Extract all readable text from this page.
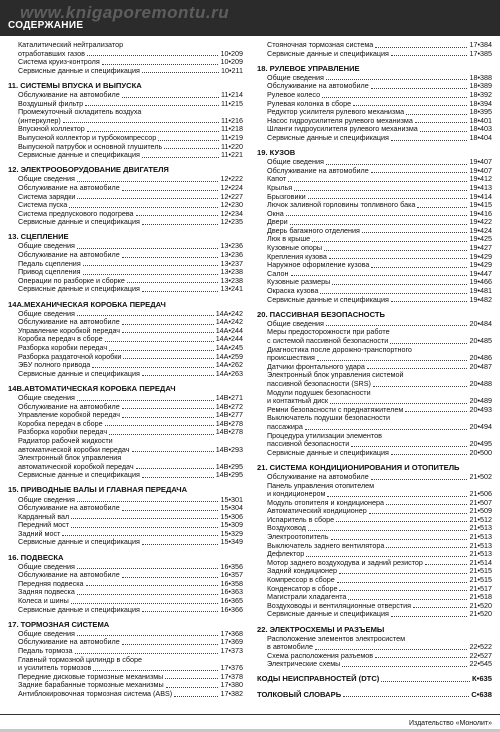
www.knigaporemontu.ru
СОДЕРЖАНИЕ
Каталитический нейтрализатор
отработавших газов	10•209
Система круиз-контроля	10•209
Сервисные данные и спецификация	10•211
11. СИСТЕМЫ ВПУСКА И ВЫПУСКА
Обслуживание на автомобиле	11•214
Воздушный фильтр	11•215
Промежуточный охладитель воздуха
(интеркулер)	11•216
Впускной коллектор	11•218
Выпускной коллектор и турбокомпрессор	11•219
Выпускной патрубок и основной глушитель	11•220
Сервисные данные и спецификация	11•221
12. ЭЛЕКТРООБОРУДОВАНИЕ ДВИГАТЕЛЯ
Общие сведения	12•222
Обслуживание на автомобиле	12•224
Система зарядки	12•227
Система пуска	12•230
Система предпускового подогрева	12•234
Сервисные данные и спецификация	12•235
13. СЦЕПЛЕНИЕ
Общие сведения	13•236
Обслуживание на автомобиле	13•236
Педаль сцепления	13•237
Привод сцепления	13•238
Операции по разборке и сборке	13•238
Сервисные данные и спецификация	13•241
14А.МЕХАНИЧЕСКАЯ КОРОБКА ПЕРЕДАЧ
Общие сведения	14А•242
Обслуживание на автомобиле	14А•242
Управление коробкой передач	14А•244
Коробка передач в сборе	14А•244
Разборка коробки передач	14А•245
Разборка раздаточной коробки	14А•259
ЭБУ полного привода	14А•262
Сервисные данные и спецификация	14А•263
14В.АВТОМАТИЧЕСКАЯ КОРОБКА ПЕРЕДАЧ
Общие сведения	14В•271
Обслуживание на автомобиле	14В•272
Управление коробкой передач	14В•277
Коробка передач в сборе	14В•278
Разборка коробки передач	14В•278
Радиатор рабочей жидкости
автоматической коробки передач	14В•293
Электронный блок управления
автоматической коробкой передач	14В•295
Сервисные данные и спецификация	14В•295
15. ПРИВОДНЫЕ ВАЛЫ И ГЛАВНАЯ ПЕРЕДАЧА
Общие сведения	15•301
Обслуживание на автомобиле	15•304
Карданный вал	15•306
Передний мост	15•309
Задний мост	15•329
Сервисные данные и спецификация	15•349
16. ПОДВЕСКА
Общие сведения	16•356
Обслуживание на автомобиле	16•357
Передняя подвеска	16•358
Задняя подвеска	16•363
Колеса и шины	16•365
Сервисные данные и спецификация	16•366
17. ТОРМОЗНАЯ СИСТЕМА
Общие сведения	17•368
Обслуживание на автомобиле	17•369
Педаль тормоза	17•373
Главный тормозной цилиндр в сборе
и усилитель тормозов	17•376
Передние дисковые тормозные механизмы	17•378
Задние барабанные тормозные механизмы	17•380
Антиблокировочная тормозная система (ABS)	17•382
Стояночная тормозная система	17•384
Сервисные данные и спецификация	17•385
18. РУЛЕВОЕ УПРАВЛЕНИЕ
Общие сведения	18•388
Обслуживание на автомобиле	18•389
Рулевое колесо	18•392
Рулевая колонка в сборе	18•394
Редуктор усилителя рулевого механизма	18•395
Насос гидроусилителя рулевого механизма	18•401
Шланги гидроусилителя рулевого механизма	18•403
Сервисные данные и спецификация	18•404
19. КУЗОВ
Общие сведения	19•407
Обслуживание на автомобиле	19•407
Капот	19•412
Крылья	19•413
Брызговики	19•414
Лючок заливной горловины топливного бака	19•415
Окна	19•416
Двери	19•422
Дверь багажного отделения	19•424
Люк в крыше	19•425
Кузовные опоры	19•427
Крепления кузова	19•429
Наружное оформление кузова	19•429
Салон	19•447
Кузовные размеры	19•466
Окраска кузова	19•481
Сервисные данные и спецификация	19•482
20. ПАССИВНАЯ БЕЗОПАСНОСТЬ
Общие сведения	20•484
Меры предосторожности при работе
с системой пассивной безопасности	20•485
Диагностика после дорожно-транспортного
происшествия	20•486
Датчики фронтального удара	20•487
Электронный блок управления системой
пассивной безопасности (SRS)	20•488
Модули подушек безопасности
и контактный диск	20•489
Ремни безопасности с преднатяжителем	20•493
Выключатель подушки безопасности
пассажира	20•494
Процедура утилизации элементов
пассивной безопасности	20•495
Сервисные данные и спецификация	20•500
21. СИСТЕМА КОНДИЦИОНИРОВАНИЯ И ОТОПИТЕЛЬ
Обслуживание на автомобиле	21•502
Панель управления отопителем
и кондиционером	21•506
Модуль отопителя и кондиционера	21•507
Автоматический кондиционер	21•509
Испаритель в сборе	21•512
Воздуховод	21•513
Электроотопитель	21•513
Выключатель заднего вентилятора	21•513
Дефлектор	21•513
Мотор заднего воздуходува и задний резистор	21•514
Задний кондиционер	21•515
Компрессор в сборе	21•515
Конденсатор в сборе	21•517
Магистрали хладагента	21•518
Воздуховоды и вентиляционные отверстия	21•520
Сервисные данные и спецификация	21•520
22. ЭЛЕКТРОСХЕМЫ И РАЗЪЕМЫ
Расположение элементов электросистем
в автомобиле	22•522
Схема расположения разъемов	22•527
Электрические схемы	22•545
КОДЫ НЕИСПРАВНОСТЕЙ (DTC)	К•635
ТОЛКОВЫЙ СЛОВАРЬ	С•638
Издательство «Монолит»
